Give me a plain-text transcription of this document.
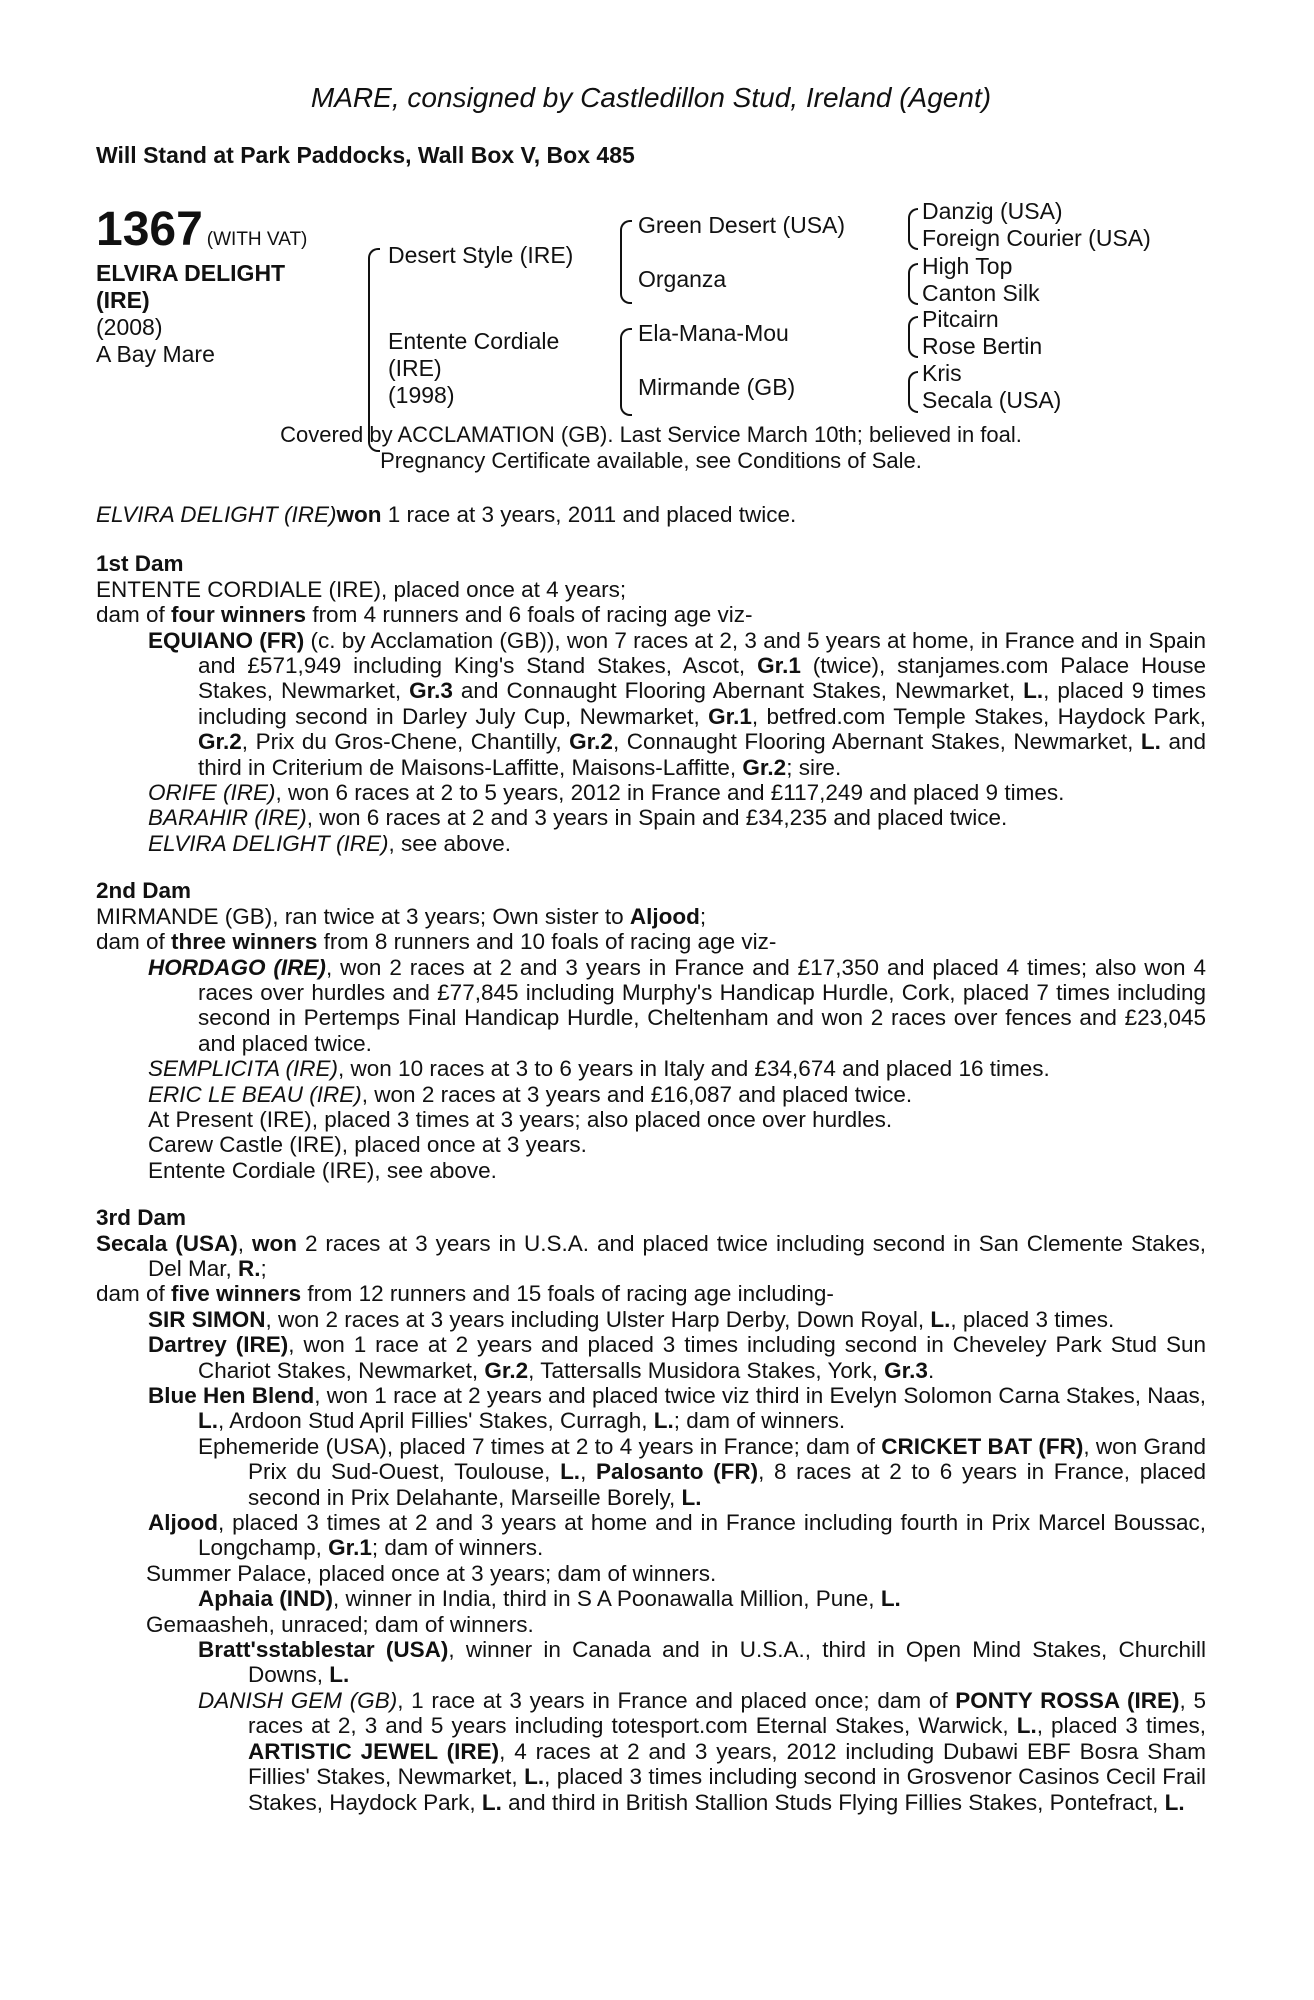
MARE, consigned by Castledillon Stud, Ireland (Agent)
Will Stand at Park Paddocks, Wall Box V, Box 485
1367 (WITH VAT)
ELVIRA DELIGHT
(IRE)
(2008)
A Bay Mare
Desert Style (IRE)
Entente Cordiale
(IRE)
(1998)
Green Desert (USA)
Organza
Ela-Mana-Mou
Mirmande (GB)
Danzig (USA)
Foreign Courier (USA)
High Top
Canton Silk
Pitcairn
Rose Bertin
Kris
Secala (USA)
Covered by ACCLAMATION (GB). Last Service March 10th; believed in foal.
Pregnancy Certificate available, see Conditions of Sale.
ELVIRA DELIGHT (IRE)won 1 race at 3 years, 2011 and placed twice.
1st Dam
ENTENTE CORDIALE (IRE), placed once at 4 years;
dam of four winners from 4 runners and 6 foals of racing age viz-
EQUIANO (FR) (c. by Acclamation (GB)), won 7 races at 2, 3 and 5 years at home, in France and in Spain and £571,949 including King's Stand Stakes, Ascot, Gr.1 (twice), stanjames.com Palace House Stakes, Newmarket, Gr.3 and Connaught Flooring Abernant Stakes, Newmarket, L., placed 9 times including second in Darley July Cup, Newmarket, Gr.1, betfred.com Temple Stakes, Haydock Park, Gr.2, Prix du Gros-Chene, Chantilly, Gr.2, Connaught Flooring Abernant Stakes, Newmarket, L. and third in Criterium de Maisons-Laffitte, Maisons-Laffitte, Gr.2; sire.
ORIFE (IRE), won 6 races at 2 to 5 years, 2012 in France and £117,249 and placed 9 times.
BARAHIR (IRE), won 6 races at 2 and 3 years in Spain and £34,235 and placed twice.
ELVIRA DELIGHT (IRE), see above.
2nd Dam
MIRMANDE (GB), ran twice at 3 years; Own sister to Aljood;
dam of three winners from 8 runners and 10 foals of racing age viz-
HORDAGO (IRE), won 2 races at 2 and 3 years in France and £17,350 and placed 4 times; also won 4 races over hurdles and £77,845 including Murphy's Handicap Hurdle, Cork, placed 7 times including second in Pertemps Final Handicap Hurdle, Cheltenham and won 2 races over fences and £23,045 and placed twice.
SEMPLICITA (IRE), won 10 races at 3 to 6 years in Italy and £34,674 and placed 16 times.
ERIC LE BEAU (IRE), won 2 races at 3 years and £16,087 and placed twice.
At Present (IRE), placed 3 times at 3 years; also placed once over hurdles.
Carew Castle (IRE), placed once at 3 years.
Entente Cordiale (IRE), see above.
3rd Dam
Secala (USA), won 2 races at 3 years in U.S.A. and placed twice including second in San Clemente Stakes, Del Mar, R.;
dam of five winners from 12 runners and 15 foals of racing age including-
SIR SIMON, won 2 races at 3 years including Ulster Harp Derby, Down Royal, L., placed 3 times.
Dartrey (IRE), won 1 race at 2 years and placed 3 times including second in Cheveley Park Stud Sun Chariot Stakes, Newmarket, Gr.2, Tattersalls Musidora Stakes, York, Gr.3.
Blue Hen Blend, won 1 race at 2 years and placed twice viz third in Evelyn Solomon Carna Stakes, Naas, L., Ardoon Stud April Fillies' Stakes, Curragh, L.; dam of winners.
Ephemeride (USA), placed 7 times at 2 to 4 years in France; dam of CRICKET BAT (FR), won Grand Prix du Sud-Ouest, Toulouse, L., Palosanto (FR), 8 races at 2 to 6 years in France, placed second in Prix Delahante, Marseille Borely, L.
Aljood, placed 3 times at 2 and 3 years at home and in France including fourth in Prix Marcel Boussac, Longchamp, Gr.1; dam of winners.
Summer Palace, placed once at 3 years; dam of winners.
Aphaia (IND), winner in India, third in S A Poonawalla Million, Pune, L.
Gemaasheh, unraced; dam of winners.
Bratt'sstablestar (USA), winner in Canada and in U.S.A., third in Open Mind Stakes, Churchill Downs, L.
DANISH GEM (GB), 1 race at 3 years in France and placed once; dam of PONTY ROSSA (IRE), 5 races at 2, 3 and 5 years including totesport.com Eternal Stakes, Warwick, L., placed 3 times, ARTISTIC JEWEL (IRE), 4 races at 2 and 3 years, 2012 including Dubawi EBF Bosra Sham Fillies' Stakes, Newmarket, L., placed 3 times including second in Grosvenor Casinos Cecil Frail Stakes, Haydock Park, L. and third in British Stallion Studs Flying Fillies Stakes, Pontefract, L.
